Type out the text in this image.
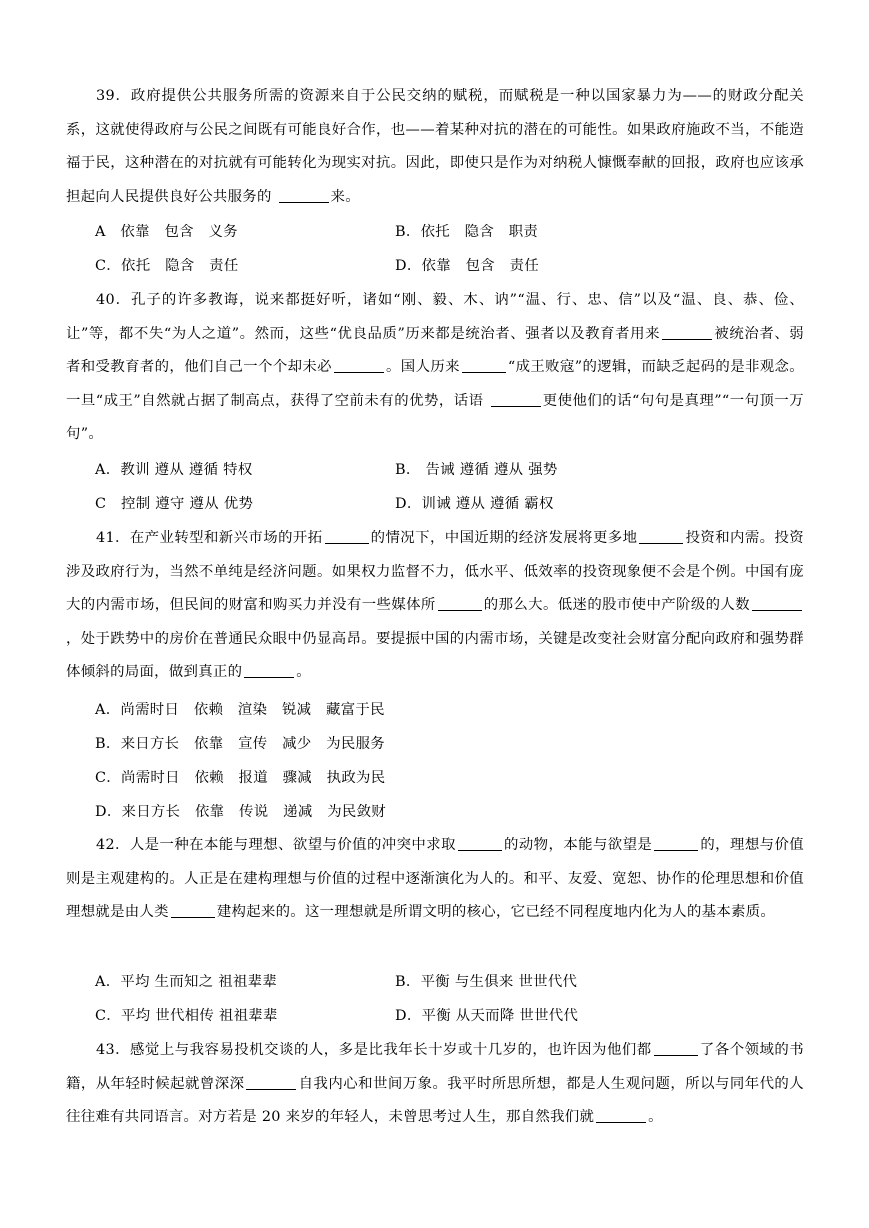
39．政府提供公共服务所需的资源来自于公民交纳的赋税，而赋税是一种以国家暴力为——的财政分配关系，这就使得政府与公民之间既有可能良好合作，也——着某种对抗的潜在的可能性。如果政府施政不当，不能造福于民，这种潜在的对抗就有可能转化为现实对抗。因此，即使只是作为对纳税人慷慨奉献的回报，政府也应该承担起向人民提供良好公共服务的	来。

A　依靠　包含　义务	B．依托　隐含　职责
C．依托　隐含　责任	D．依靠　包含　责任

40．孔子的许多教诲，说来都挺好听，诸如“刚、毅、木、讷”“温、行、忠、信”以及“温、良、恭、俭、让”等，都不失“为人之道”。然而，这些“优良品质”历来都是统治者、强者以及教育者用来	被统治者、弱者和受教育者的，他们自己一个个却未必	。国人历来	“成王败寇”的逻辑，而缺乏起码的是非观念。一旦“成王”自然就占据了制高点，获得了空前未有的优势，话语	更使他们的话“句句是真理”“一句顶一万句”。

A．教训 遵从 遵循 特权	B． 告诫 遵循 遵从 强势
C　控制 遵守 遵从 优势	D．训诫 遵从 遵循 霸权

41．在产业转型和新兴市场的开拓	的情况下，中国近期的经济发展将更多地	投资和内需。投资涉及政府行为，当然不单纯是经济问题。如果权力监督不力，低水平、低效率的投资现象便不会是个例。中国有庞大的内需市场，但民间的财富和购买力并没有一些媒体所	的那么大。低迷的股市使中产阶级的人数，处于跌势中的房价在普通民众眼中仍显高昂。要提振中国的内需市场，关键是改变社会财富分配向政府和强势群体倾斜的局面，做到真正的	。

A．尚需时日　依赖　渲染　锐减　藏富于民
B．来日方长　依靠　宣传　减少　为民服务
C．尚需时日　依赖　报道　骤减　执政为民
D．来日方长　依靠　传说　递减　为民敛财

42．人是一种在本能与理想、欲望与价值的冲突中求取	的动物，本能与欲望是	的，理想与价值则是主观建构的。人正是在建构理想与价值的过程中逐渐演化为人的。和平、友爱、宽恕、协作的伦理思想和价值理想就是由人类	建构起来的。这一理想就是所谓文明的核心，它已经不同程度地内化为人的基本素质。

A．平均 生而知之 祖祖辈辈	B．平衡 与生俱来 世世代代
C．平均 世代相传 祖祖辈辈	D．平衡 从天而降 世世代代

43．感觉上与我容易投机交谈的人，多是比我年长十岁或十几岁的，也许因为他们都	了各个领域的书籍，从年轻时候起就曾深深	自我内心和世间万象。我平时所思所想，都是人生观问题，所以与同年代的人往往难有共同语言。对方若是 20 来岁的年轻人，未曾思考过人生，那自然我们就	。
